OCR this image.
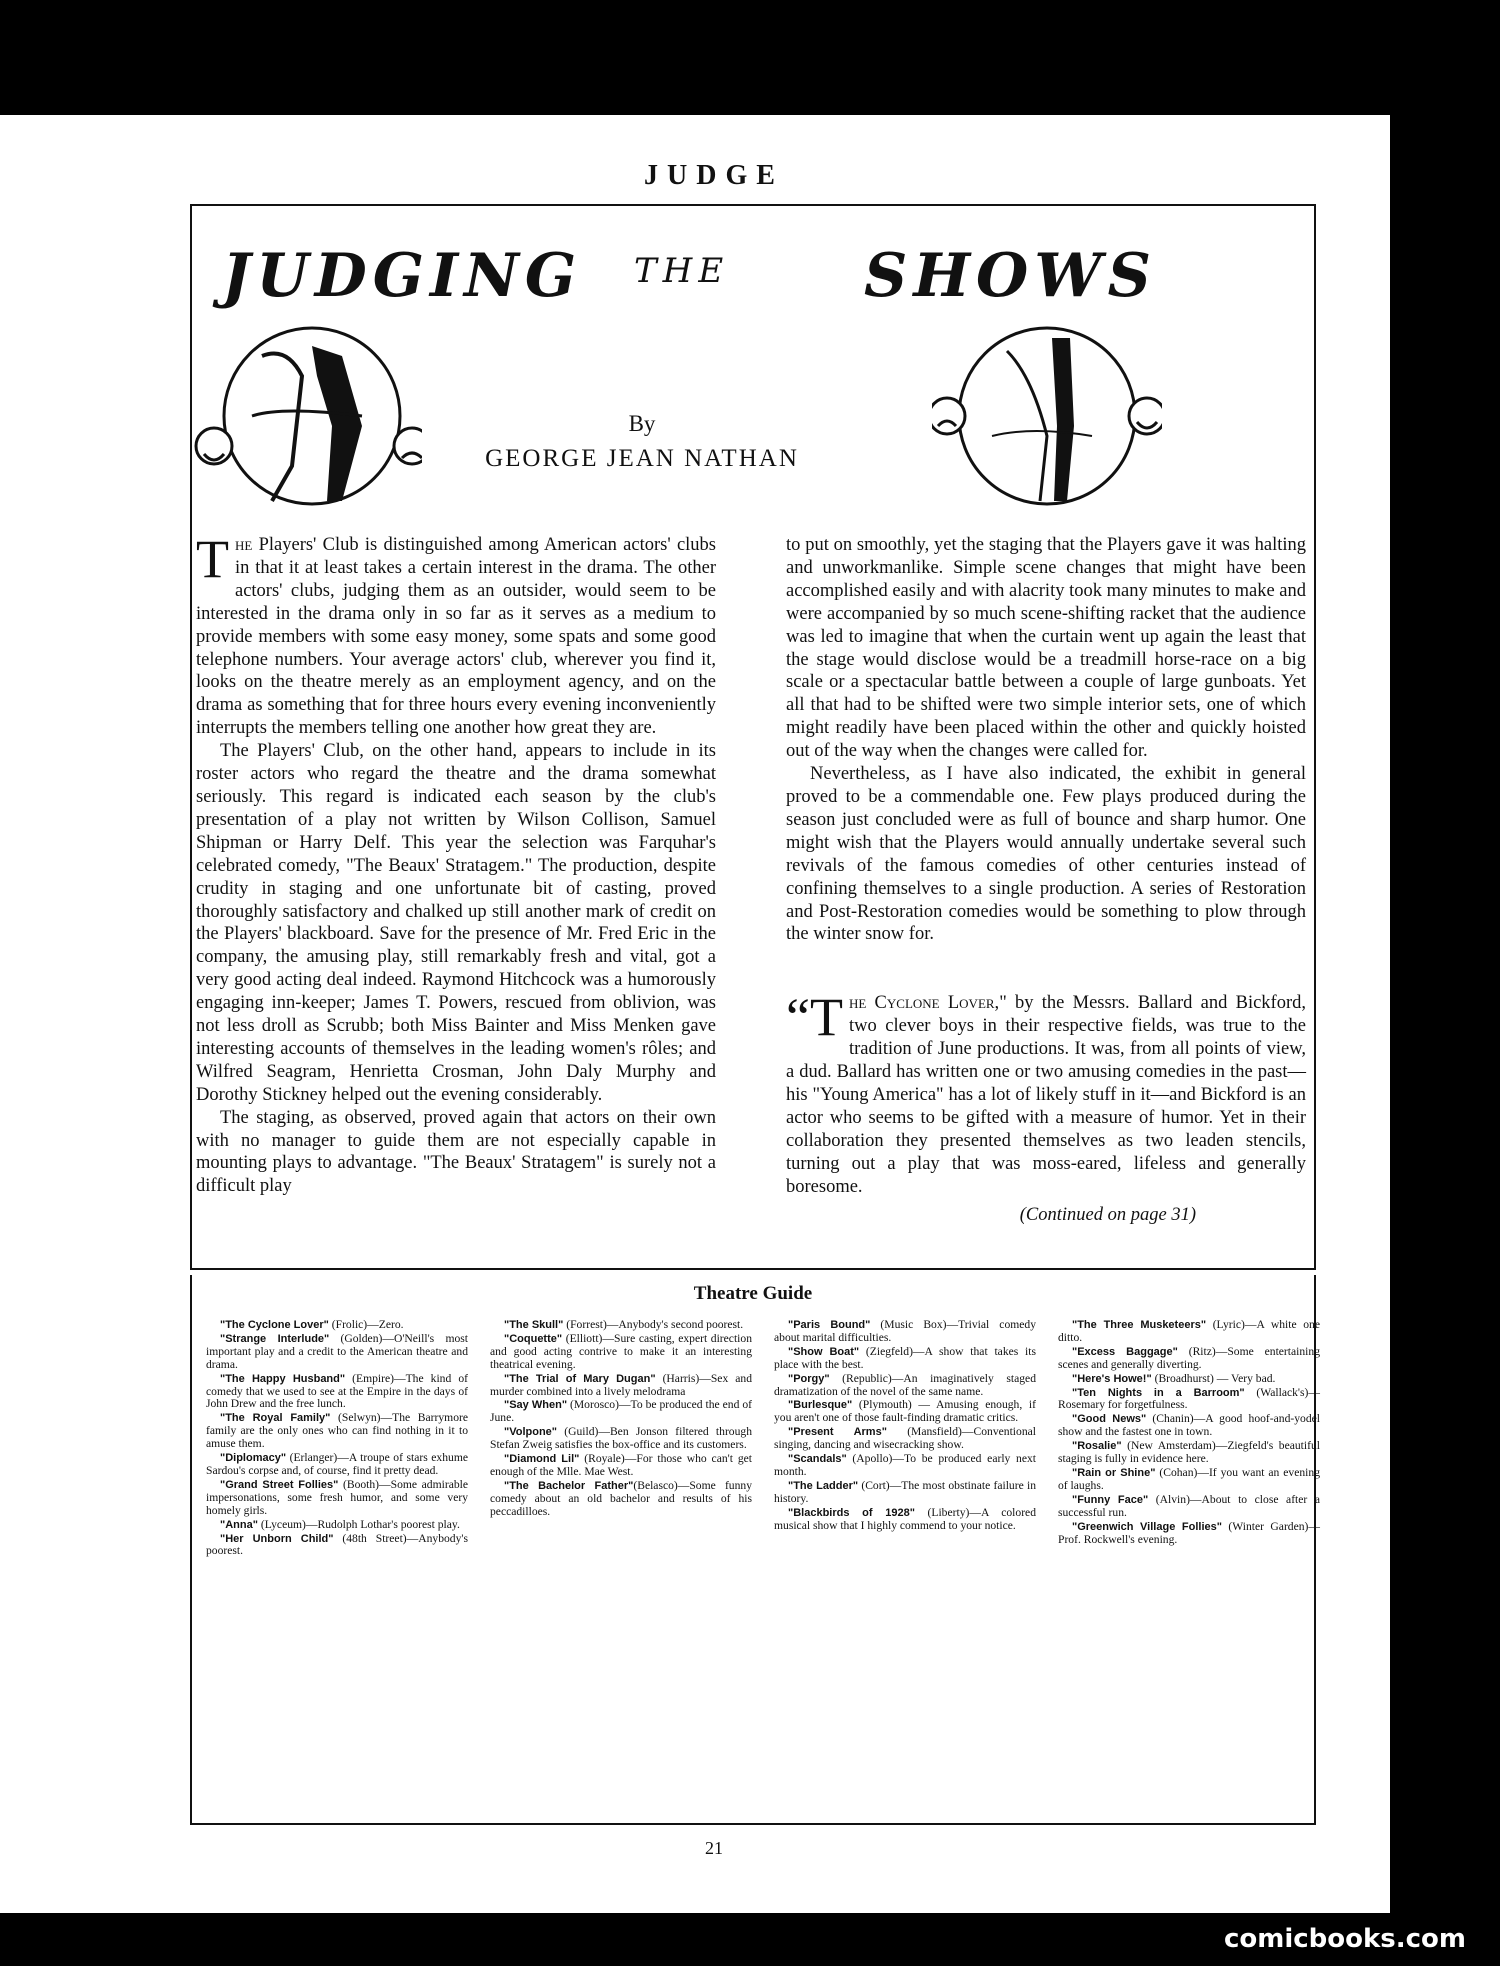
JUDGE
JUDGING THE SHOWS
By
GEORGE JEAN NATHAN

The Players' Club is distinguished among American actors' clubs in that it at least takes a certain interest in the drama. The other actors' clubs, judging them as an outsider, would seem to be interested in the drama only in so far as it serves as a medium to provide members with some easy money, some spats and some good telephone numbers. Your average actors' club, wherever you find it, looks on the theatre merely as an employment agency, and on the drama as something that for three hours every evening inconveniently interrupts the members telling one another how great they are.

The Players' Club, on the other hand, appears to include in its roster actors who regard the theatre and the drama somewhat seriously. This regard is indicated each season by the club's presentation of a play not written by Wilson Collison, Samuel Shipman or Harry Delf. This year the selection was Farquhar's celebrated comedy, "The Beaux' Stratagem." The production, despite crudity in staging and one unfortunate bit of casting, proved thoroughly satisfactory and chalked up still another mark of credit on the Players' blackboard. Save for the presence of Mr. Fred Eric in the company, the amusing play, still remarkably fresh and vital, got a very good acting deal indeed. Raymond Hitchcock was a humorously engaging inn-keeper; James T. Powers, rescued from oblivion, was not less droll as Scrubb; both Miss Bainter and Miss Menken gave interesting accounts of themselves in the leading women's rôles; and Wilfred Seagram, Henrietta Crosman, John Daly Murphy and Dorothy Stickney helped out the evening considerably.

The staging, as observed, proved again that actors on their own with no manager to guide them are not especially capable in mounting plays to advantage. "The Beaux' Stratagem" is surely not a difficult play

to put on smoothly, yet the staging that the Players gave it was halting and unworkmanlike. Simple scene changes that might have been accomplished easily and with alacrity took many minutes to make and were accompanied by so much scene-shifting racket that the audience was led to imagine that when the curtain went up again the least that the stage would disclose would be a treadmill horse-race on a big scale or a spectacular battle between a couple of large gunboats. Yet all that had to be shifted were two simple interior sets, one of which might readily have been placed within the other and quickly hoisted out of the way when the changes were called for.

Nevertheless, as I have also indicated, the exhibit in general proved to be a commendable one. Few plays produced during the season just concluded were as full of bounce and sharp humor. One might wish that the Players would annually undertake several such revivals of the famous comedies of other centuries instead of confining themselves to a single production. A series of Restoration and Post-Restoration comedies would be something to plow through the winter snow for.

“The Cyclone Lover," by the Messrs. Ballard and Bickford, two clever boys in their respective fields, was true to the tradition of June productions. It was, from all points of view, a dud. Ballard has written one or two amusing comedies in the past—his "Young America" has a lot of likely stuff in it—and Bickford is an actor who seems to be gifted with a measure of humor. Yet in their collaboration they presented themselves as two leaden stencils, turning out a play that was moss-eared, lifeless and generally boresome.

(Continued on page 31)
Theatre Guide

"The Cyclone Lover" (Frolic)—Zero.

"Strange Interlude" (Golden)—O'Neill's most important play and a credit to the American theatre and drama.

"The Happy Husband" (Empire)—The kind of comedy that we used to see at the Empire in the days of John Drew and the free lunch.

"The Royal Family" (Selwyn)—The Barrymore family are the only ones who can find nothing in it to amuse them.

"Diplomacy" (Erlanger)—A troupe of stars exhume Sardou's corpse and, of course, find it pretty dead.

"Grand Street Follies" (Booth)—Some admirable impersonations, some fresh humor, and some very homely girls.

"Anna" (Lyceum)—Rudolph Lothar's poorest play.

"Her Unborn Child" (48th Street)—Anybody's poorest.

"The Skull" (Forrest)—Anybody's second poorest.

"Coquette" (Elliott)—Sure casting, expert direction and good acting contrive to make it an interesting theatrical evening.

"The Trial of Mary Dugan" (Harris)—Sex and murder combined into a lively melodrama

"Say When" (Morosco)—To be produced the end of June.

"Volpone" (Guild)—Ben Jonson filtered through Stefan Zweig satisfies the box-office and its customers.

"Diamond Lil" (Royale)—For those who can't get enough of the Mlle. Mae West.

"The Bachelor Father"(Belasco)—Some funny comedy about an old bachelor and results of his peccadilloes.

"Paris Bound" (Music Box)—Trivial comedy about marital difficulties.

"Show Boat" (Ziegfeld)—A show that takes its place with the best.

"Porgy" (Republic)—An imaginatively staged dramatization of the novel of the same name.

"Burlesque" (Plymouth) — Amusing enough, if you aren't one of those fault-finding dramatic critics.

"Present Arms" (Mansfield)—Conventional singing, dancing and wisecracking show.

"Scandals" (Apollo)—To be produced early next month.

"The Ladder" (Cort)—The most obstinate failure in history.

"Blackbirds of 1928" (Liberty)—A colored musical show that I highly commend to your notice.

"The Three Musketeers" (Lyric)—A white one ditto.

"Excess Baggage" (Ritz)—Some entertaining scenes and generally diverting.

"Here's Howe!" (Broadhurst) — Very bad.

"Ten Nights in a Barroom" (Wallack's)—Rosemary for forgetfulness.

"Good News" (Chanin)—A good hoof-and-yodel show and the fastest one in town.

"Rosalie" (New Amsterdam)—Ziegfeld's beautiful staging is fully in evidence here.

"Rain or Shine" (Cohan)—If you want an evening of laughs.

"Funny Face" (Alvin)—About to close after a successful run.

"Greenwich Village Follies" (Winter Garden)—Prof. Rockwell's evening.

21
comicbooks.com
